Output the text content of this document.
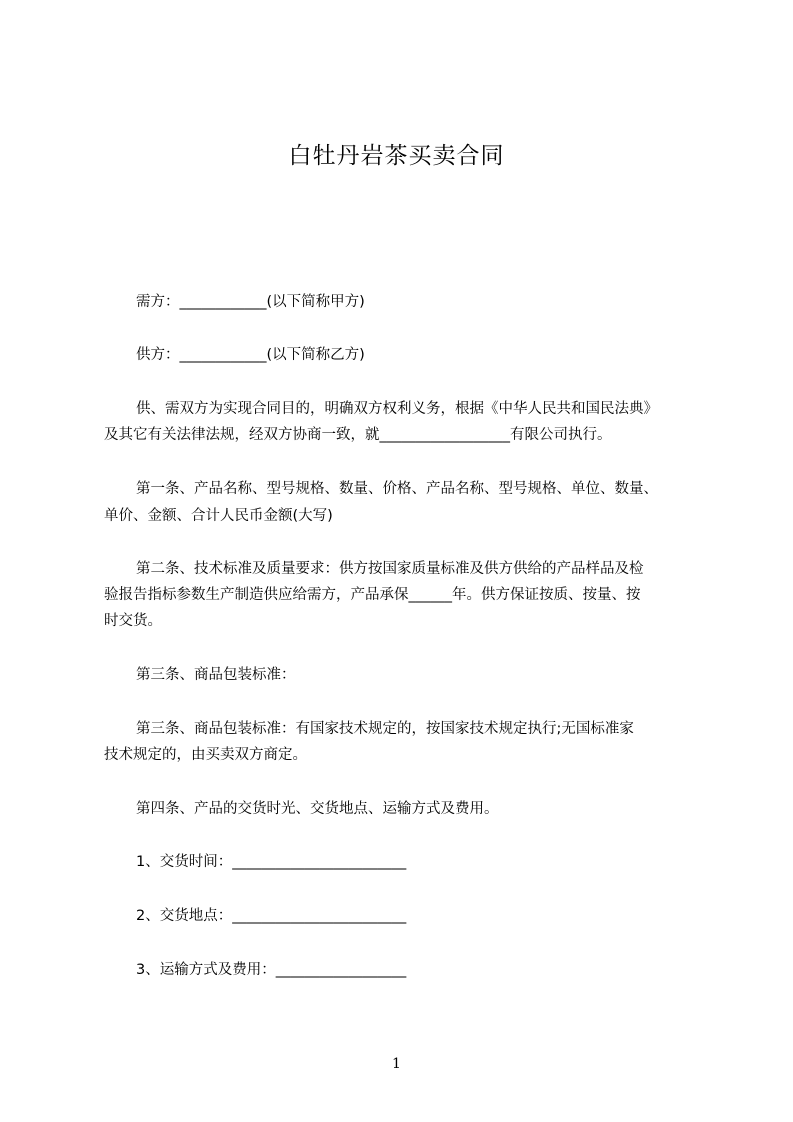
白牡丹岩茶买卖合同
需方：____________(以下简称甲方)
供方：____________(以下简称乙方)
供、需双方为实现合同目的，明确双方权利义务，根据《中华人民共和国民法典》
及其它有关法律法规，经双方协商一致，就__________________有限公司执行。
第一条、产品名称、型号规格、数量、价格、产品名称、型号规格、单位、数量、
单价、金额、合计人民币金额(大写)
第二条、技术标准及质量要求：供方按国家质量标准及供方供给的产品样品及检
验报告指标参数生产制造供应给需方，产品承保______年。供方保证按质、按量、按
时交货。
第三条、商品包装标准：
第三条、商品包装标准：有国家技术规定的，按国家技术规定执行;无国标准家
技术规定的，由买卖双方商定。
第四条、产品的交货时光、交货地点、运输方式及费用。
1、交货时间：________________________
2、交货地点：________________________
3、运输方式及费用：__________________
1
